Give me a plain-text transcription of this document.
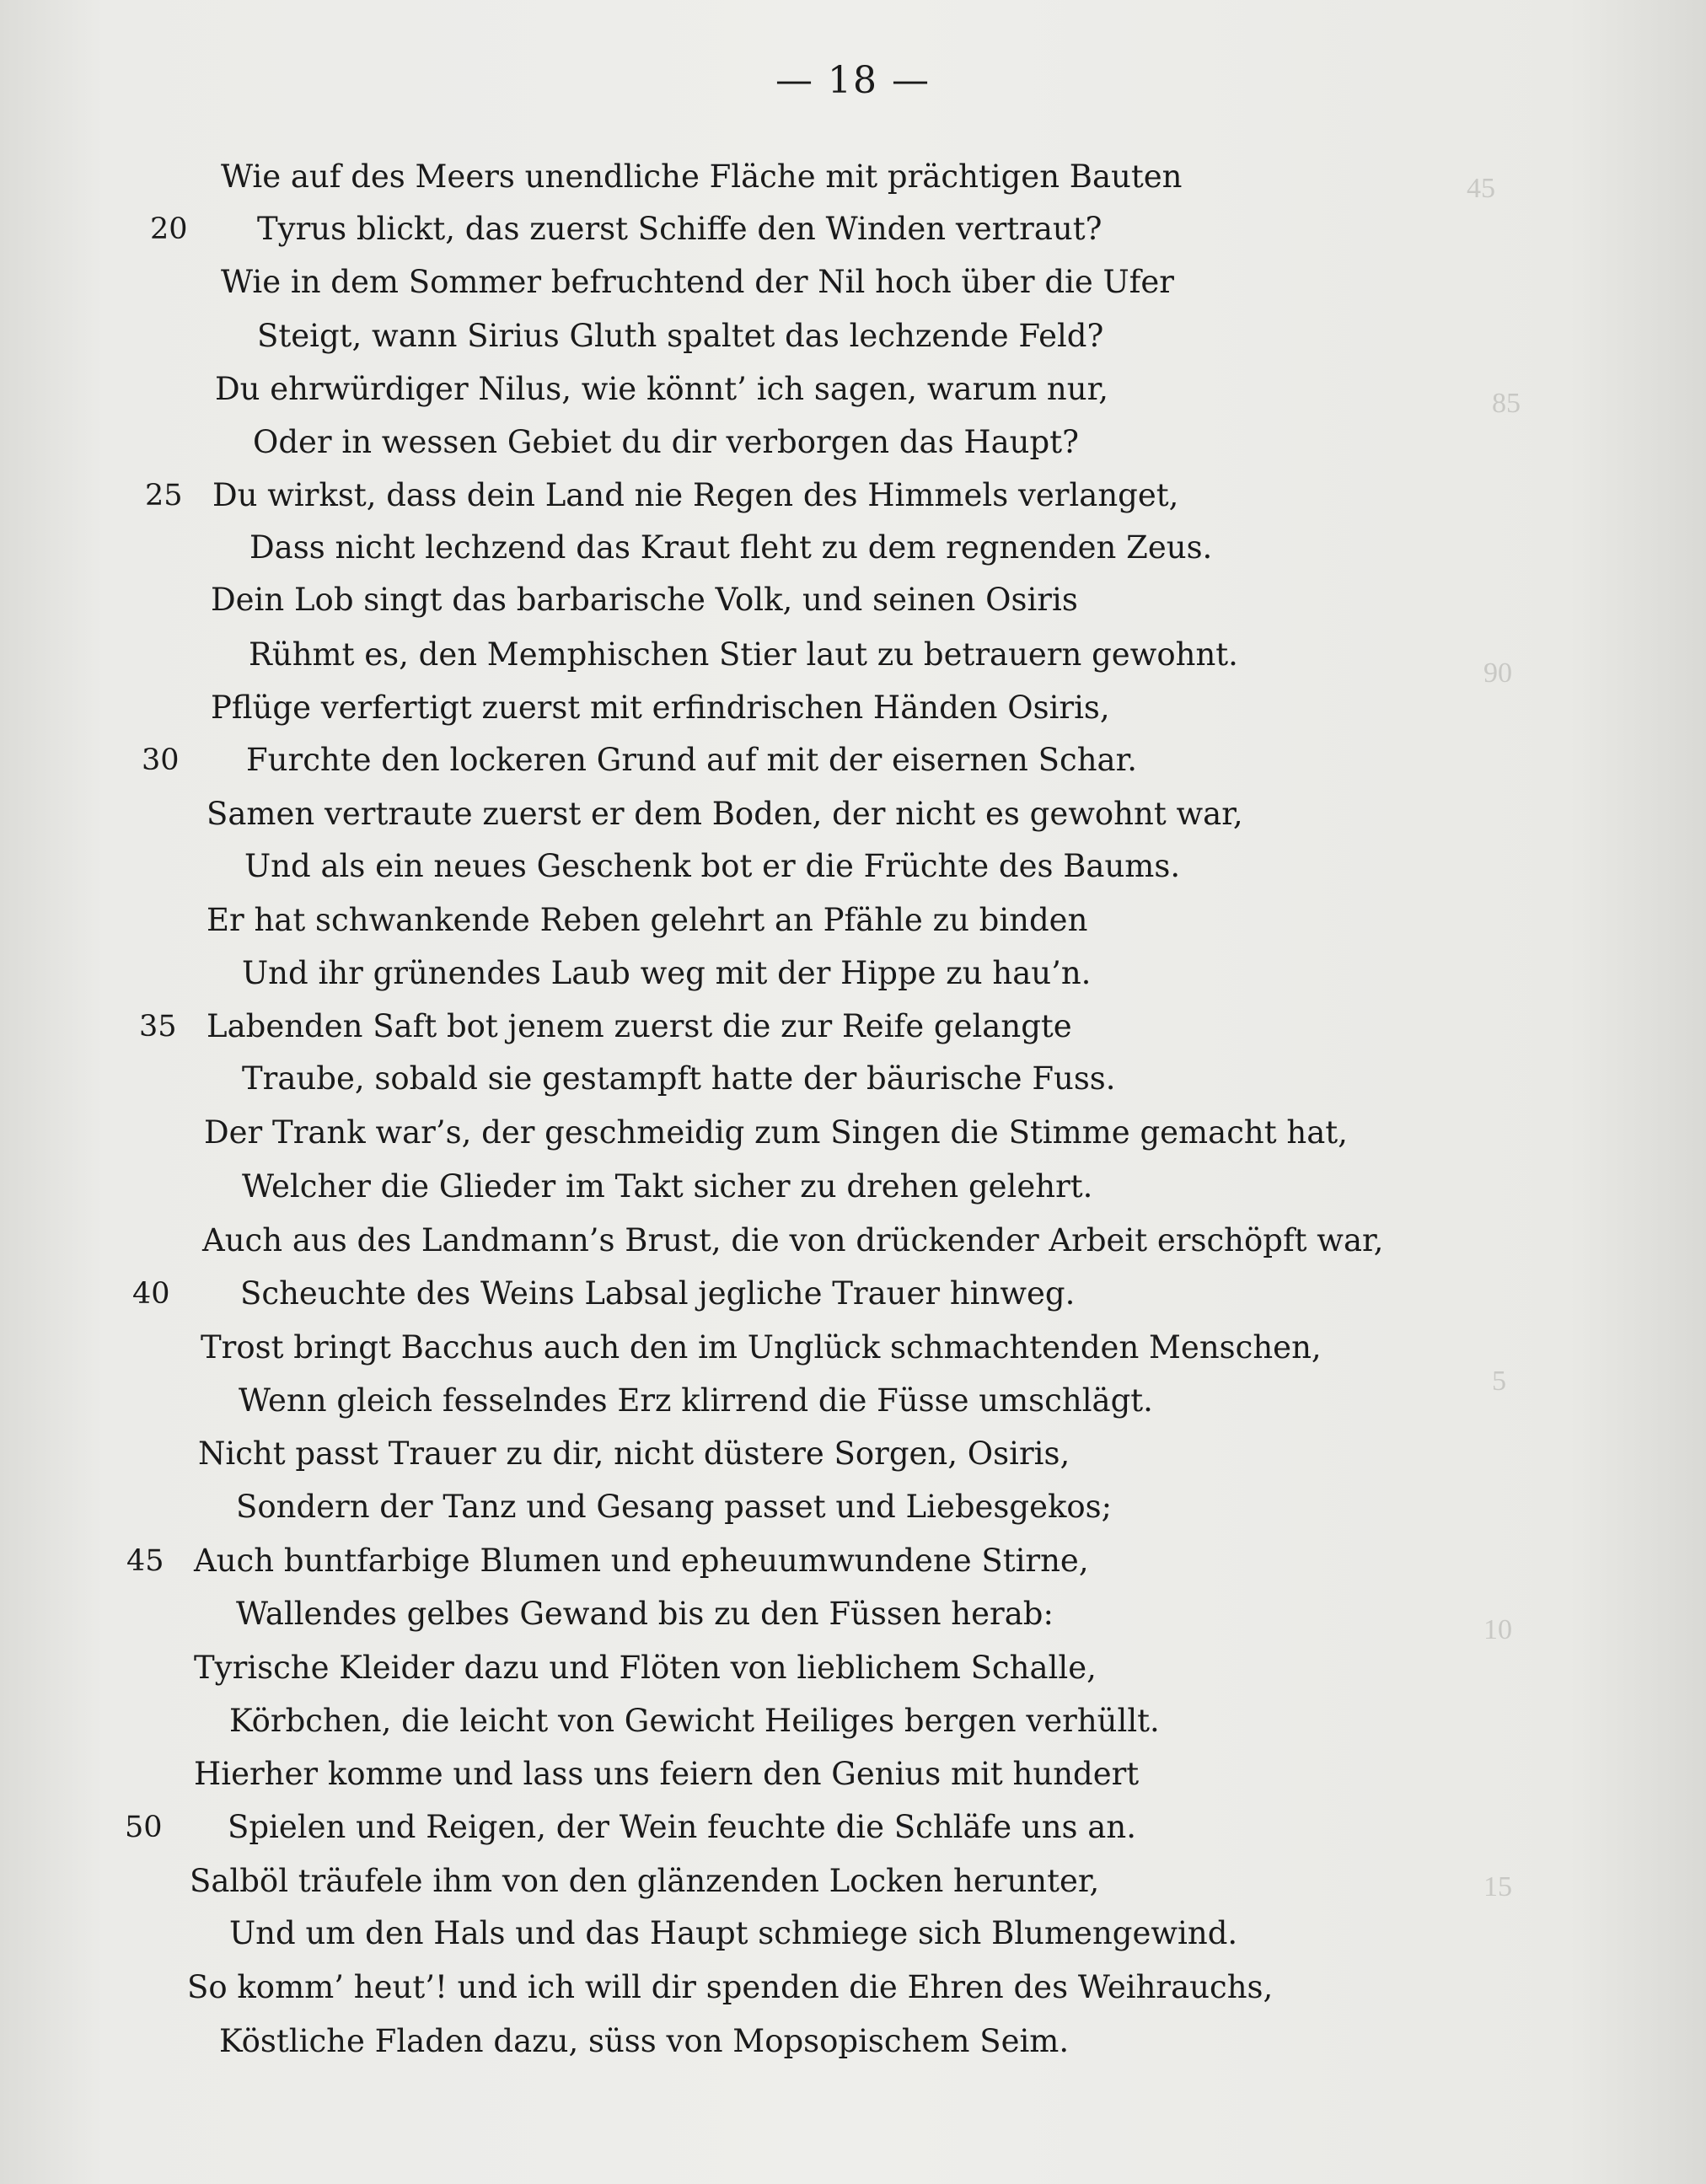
45
85
90
5
10
15
— 18 —
Wie auf des Meers unendliche Fläche mit prächtigen Bauten
Tyrus blickt, das zuerst Schiffe den Winden vertraut?
20
Wie in dem Sommer befruchtend der Nil hoch über die Ufer
Steigt, wann Sirius Gluth spaltet das lechzende Feld?
Du ehrwürdiger Nilus, wie könnt’ ich sagen, warum nur,
Oder in wessen Gebiet du dir verborgen das Haupt?
Du wirkst, dass dein Land nie Regen des Himmels verlanget,
25
Dass nicht lechzend das Kraut fleht zu dem regnenden Zeus.
Dein Lob singt das barbarische Volk, und seinen Osiris
Rühmt es, den Memphischen Stier laut zu betrauern gewohnt.
Pflüge verfertigt zuerst mit erfindrischen Händen Osiris,
Furchte den lockeren Grund auf mit der eisernen Schar.
30
Samen vertraute zuerst er dem Boden, der nicht es gewohnt war,
Und als ein neues Geschenk bot er die Früchte des Baums.
Er hat schwankende Reben gelehrt an Pfähle zu binden
Und ihr grünendes Laub weg mit der Hippe zu hau’n.
Labenden Saft bot jenem zuerst die zur Reife gelangte
35
Traube, sobald sie gestampft hatte der bäurische Fuss.
Der Trank war’s, der geschmeidig zum Singen die Stimme gemacht hat,
Welcher die Glieder im Takt sicher zu drehen gelehrt.
Auch aus des Landmann’s Brust, die von drückender Arbeit erschöpft war,
Scheuchte des Weins Labsal jegliche Trauer hinweg.
40
Trost bringt Bacchus auch den im Unglück schmachtenden Menschen,
Wenn gleich fesselndes Erz klirrend die Füsse umschlägt.
Nicht passt Trauer zu dir, nicht düstere Sorgen, Osiris,
Sondern der Tanz und Gesang passet und Liebesgekos;
Auch buntfarbige Blumen und epheuumwundene Stirne,
45
Wallendes gelbes Gewand bis zu den Füssen herab:
Tyrische Kleider dazu und Flöten von lieblichem Schalle,
Körbchen, die leicht von Gewicht Heiliges bergen verhüllt.
Hierher komme und lass uns feiern den Genius mit hundert
Spielen und Reigen, der Wein feuchte die Schläfe uns an.
50
Salböl träufele ihm von den glänzenden Locken herunter,
Und um den Hals und das Haupt schmiege sich Blumengewind.
So komm’ heut’! und ich will dir spenden die Ehren des Weihrauchs,
Köstliche Fladen dazu, süss von Mopsopischem Seim.
